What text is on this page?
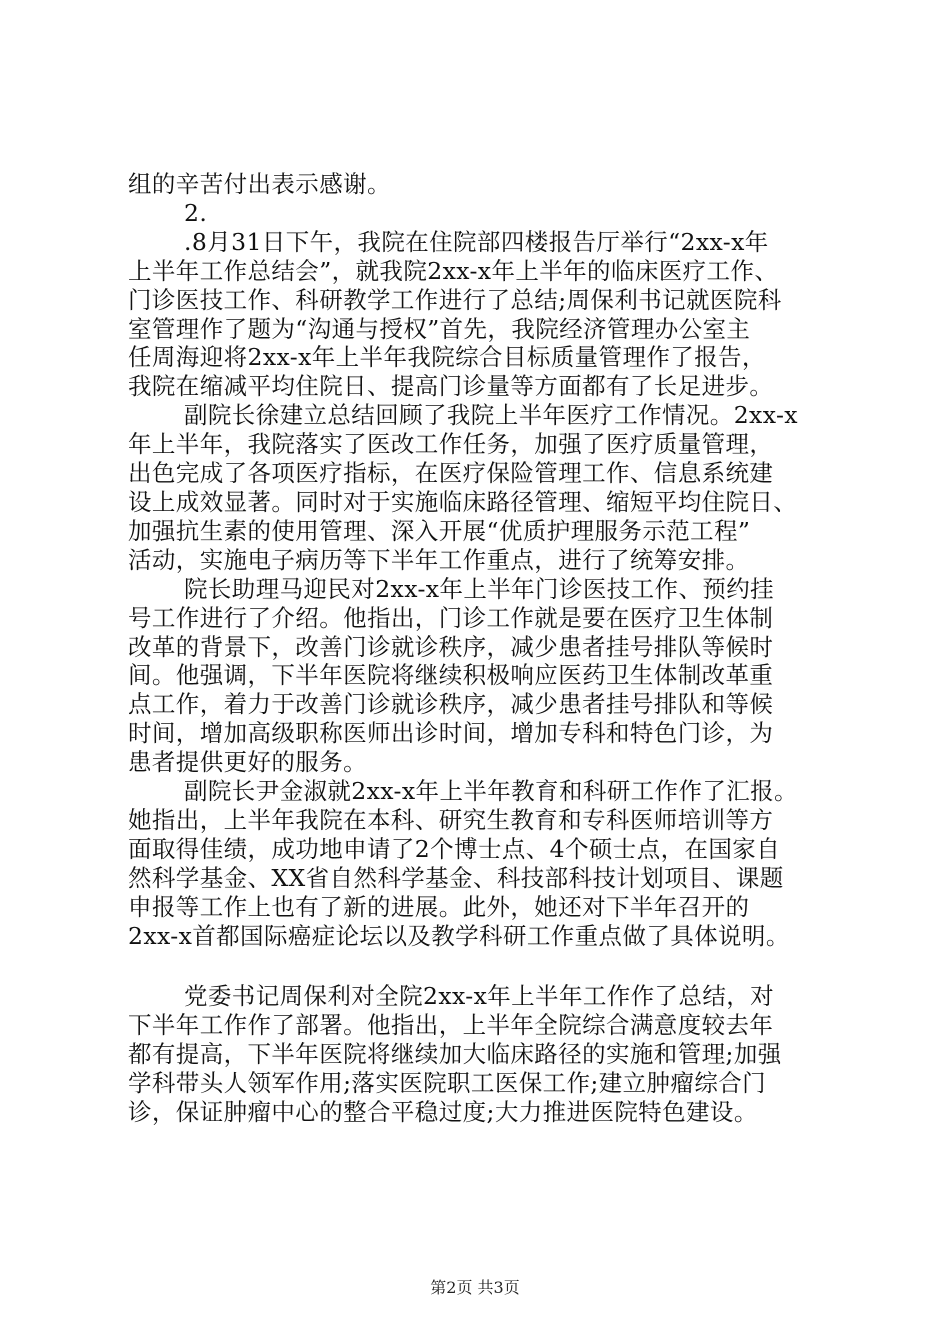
组的辛苦付出表示感谢。
2.
.8月31日下午，我院在住院部四楼报告厅举行“2xx-x年
上半年工作总结会”，就我院2xx-x年上半年的临床医疗工作、
门诊医技工作、科研教学工作进行了总结;周保利书记就医院科
室管理作了题为“沟通与授权”首先，我院经济管理办公室主
任周海迎将2xx-x年上半年我院综合目标质量管理作了报告，
我院在缩减平均住院日、提高门诊量等方面都有了长足进步。
副院长徐建立总结回顾了我院上半年医疗工作情况。2xx-x
年上半年，我院落实了医改工作任务，加强了医疗质量管理，
出色完成了各项医疗指标，在医疗保险管理工作、信息系统建
设上成效显著。同时对于实施临床路径管理、缩短平均住院日、
加强抗生素的使用管理、深入开展“优质护理服务示范工程”
活动，实施电子病历等下半年工作重点，进行了统筹安排。
院长助理马迎民对2xx-x年上半年门诊医技工作、预约挂
号工作进行了介绍。他指出，门诊工作就是要在医疗卫生体制
改革的背景下，改善门诊就诊秩序，减少患者挂号排队等候时
间。他强调，下半年医院将继续积极响应医药卫生体制改革重
点工作，着力于改善门诊就诊秩序，减少患者挂号排队和等候
时间，增加高级职称医师出诊时间，增加专科和特色门诊，为
患者提供更好的服务。
副院长尹金淑就2xx-x年上半年教育和科研工作作了汇报。
她指出，上半年我院在本科、研究生教育和专科医师培训等方
面取得佳绩，成功地申请了2个博士点、4个硕士点，在国家自
然科学基金、XX省自然科学基金、科技部科技计划项目、课题
申报等工作上也有了新的进展。此外，她还对下半年召开的
2xx-x首都国际癌症论坛以及教学科研工作重点做了具体说明。
党委书记周保利对全院2xx-x年上半年工作作了总结，对
下半年工作作了部署。他指出，上半年全院综合满意度较去年
都有提高，下半年医院将继续加大临床路径的实施和管理;加强
学科带头人领军作用;落实医院职工医保工作;建立肿瘤综合门
诊，保证肿瘤中心的整合平稳过度;大力推进医院特色建设。
第2页 共3页
